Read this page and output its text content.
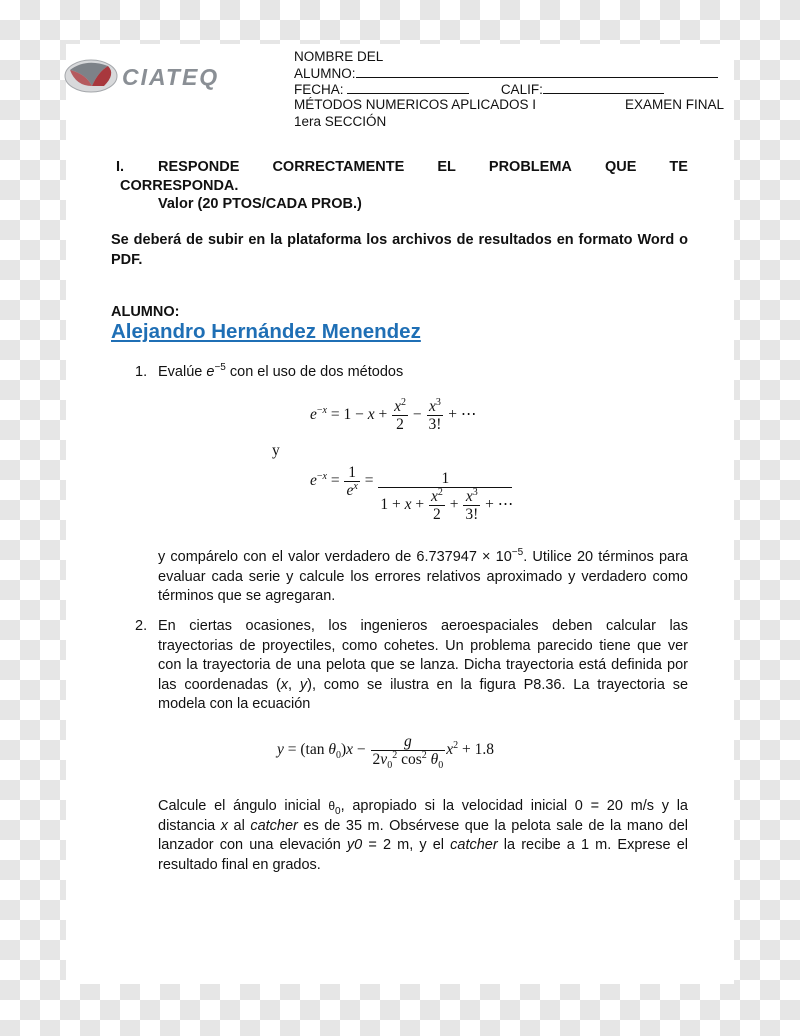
CIATEQ
NOMBRE DEL
ALUMNO:
FECHA:	CALIF:
MÉTODOS NUMERICOS APLICADOS I	EXAMEN FINAL
1era SECCIÓN
I. RESPONDE CORRECTAMENTE EL PROBLEMA QUE TE
CORRESPONDA.
Valor (20 PTOS/CADA PROB.)
Se deberá de subir en la plataforma los archivos de resultados en formato Word o PDF.
ALUMNO:
Alejandro Hernández Menendez
1. Evalúe $e^{-5}$ con el uso de dos métodos
$e^{-x} = 1 - x + \frac{x^2}{2} - \frac{x^3}{3!}$ + ⋯
y
$e^{-x} = \frac{1}{e^x} = \frac{1}{1 + x + \frac{x^2}{2} + \frac{x^3}{3!} + \cdots}$
y compárelo con el valor verdadero de $6.737947 \times 10^{-5}$. Utilice 20 términos para evaluar cada serie y calcule los errores relativos aproximado y verdadero como términos que se agregaran.
2. En ciertas ocasiones, los ingenieros aeroespaciales deben calcular las trayectorias de proyectiles, como cohetes. Un problema parecido tiene que ver con la trayectoria de una pelota que se lanza. Dicha trayectoria está definida por las coordenadas (x, y), como se ilustra en la figura P8.36. La trayectoria se modela con la ecuación
y = (tan $\theta_0)x - \frac{g}{2v_0^2 \cos^2 \theta_0} x^2 + 1.8$
Calcule el ángulo inicial $\theta_0$, apropiado si la velocidad inicial 0 = 20 m/s y la distancia x al catcher es de 35 m. Obsérvese que la pelota sale de la mano del lanzador con una elevación y0 = 2 m, y el catcher la recibe a 1 m. Exprese el resultado final en grados.
